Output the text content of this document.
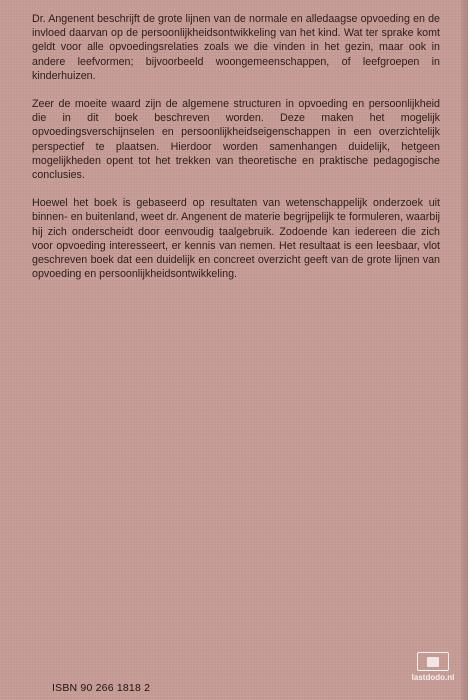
Dr. Angenent beschrijft de grote lijnen van de normale en alledaagse opvoeding en de invloed daarvan op de persoonlijkheidsontwikkeling van het kind. Wat ter sprake komt geldt voor alle opvoedingsrelaties zoals we die vinden in het gezin, maar ook in andere leefvormen; bijvoorbeeld woongemeenschappen, of leefgroepen in kinderhuizen.

Zeer de moeite waard zijn de algemene structuren in opvoeding en persoonlijkheid die in dit boek beschreven worden. Deze maken het mogelijk opvoedingsverschijnselen en persoonlijkheidseigenschappen in een overzichtelijk perspectief te plaatsen. Hierdoor worden samenhangen duidelijk, hetgeen mogelijkheden opent tot het trekken van theoretische en praktische pedagogische conclusies.

Hoewel het boek is gebaseerd op resultaten van wetenschappelijk onderzoek uit binnen- en buitenland, weet dr. Angenent de materie begrijpelijk te formuleren, waarbij hij zich onderscheidt door eenvoudig taalgebruik. Zodoende kan iedereen die zich voor opvoeding interesseert, er kennis van nemen. Het resultaat is een leesbaar, vlot geschreven boek dat een duidelijk en concreet overzicht geeft van de grote lijnen van opvoeding en persoonlijkheidsontwikkeling.

ISBN 90 266 1818 2
lastdodo.nl
